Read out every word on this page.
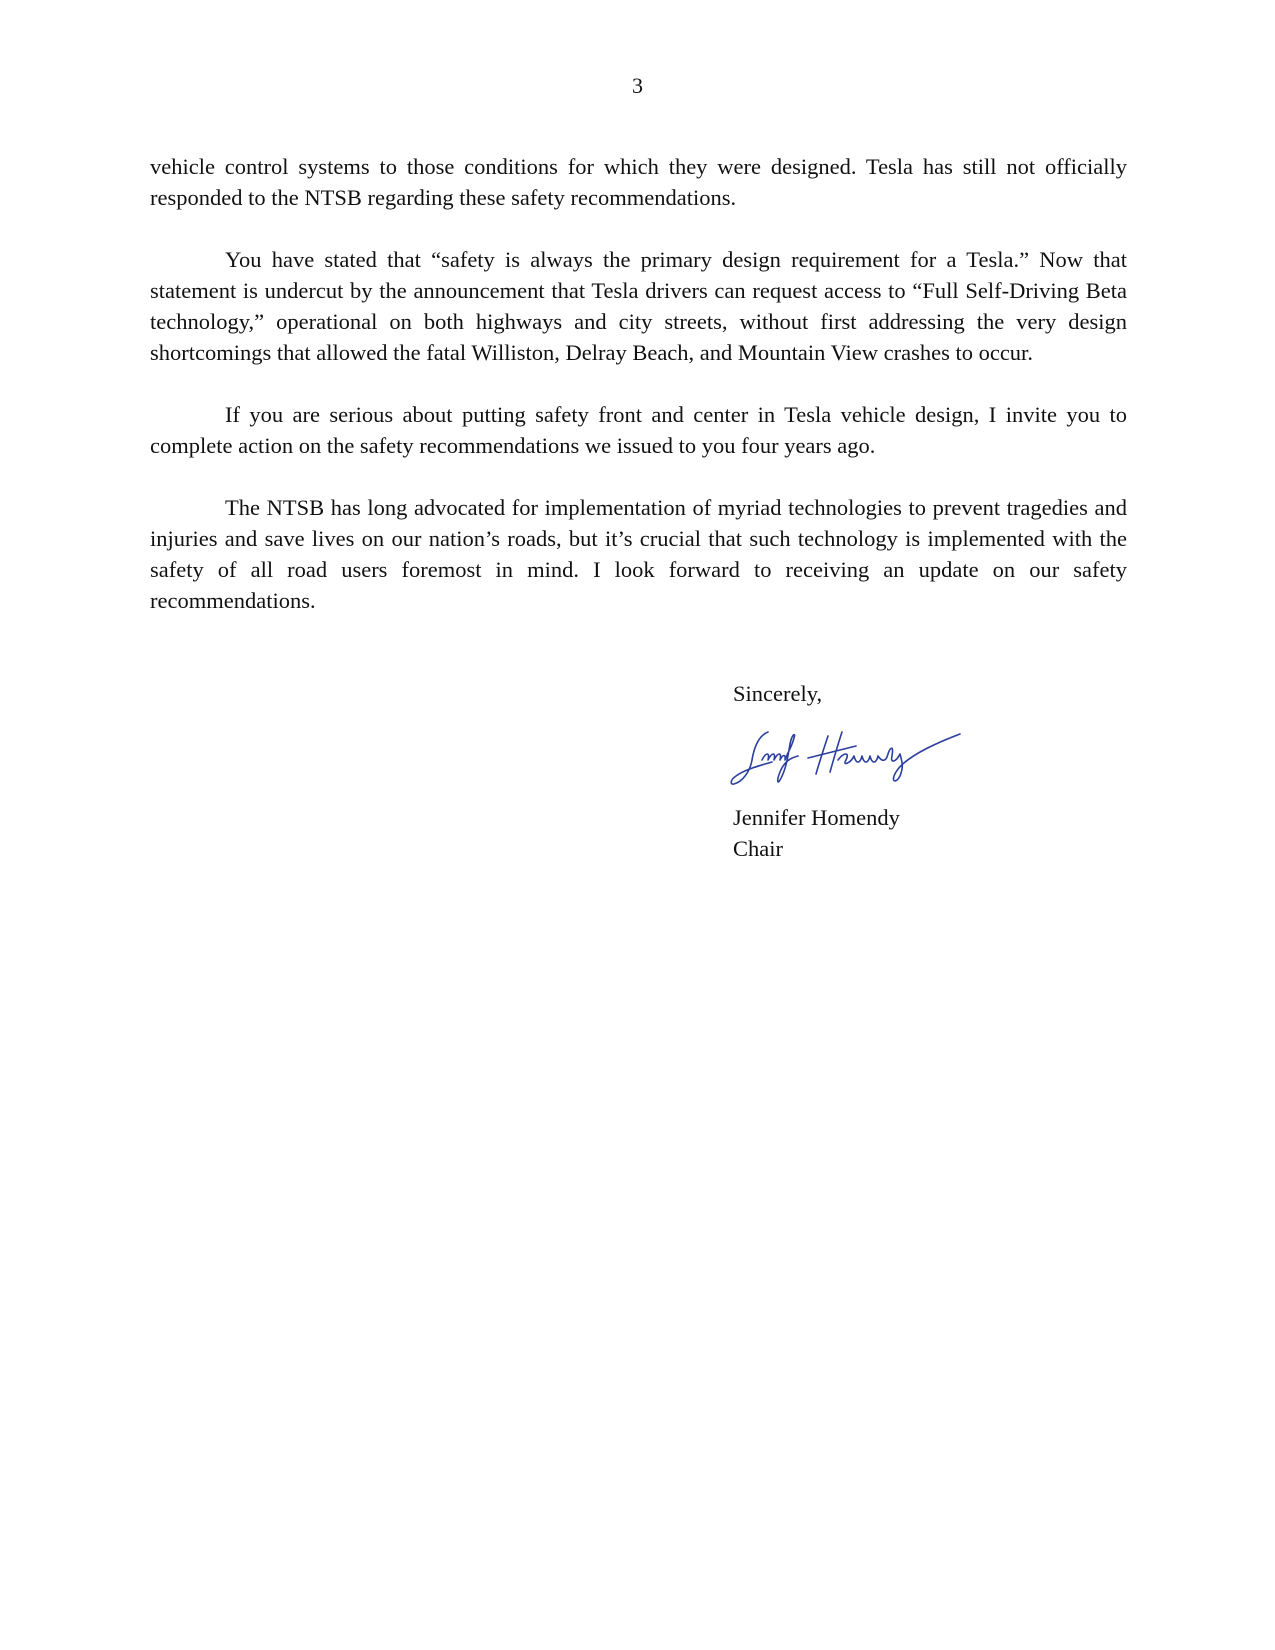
3

vehicle control systems to those conditions for which they were designed. Tesla has still not officially responded to the NTSB regarding these safety recommendations.

You have stated that “safety is always the primary design requirement for a Tesla.” Now that statement is undercut by the announcement that Tesla drivers can request access to “Full Self-Driving Beta technology,” operational on both highways and city streets, without first addressing the very design shortcomings that allowed the fatal Williston, Delray Beach, and Mountain View crashes to occur.

If you are serious about putting safety front and center in Tesla vehicle design, I invite you to complete action on the safety recommendations we issued to you four years ago.

The NTSB has long advocated for implementation of myriad technologies to prevent tragedies and injuries and save lives on our nation’s roads, but it’s crucial that such technology is implemented with the safety of all road users foremost in mind. I look forward to receiving an update on our safety recommendations.

Sincerely,
Jennifer Homendy
Chair
